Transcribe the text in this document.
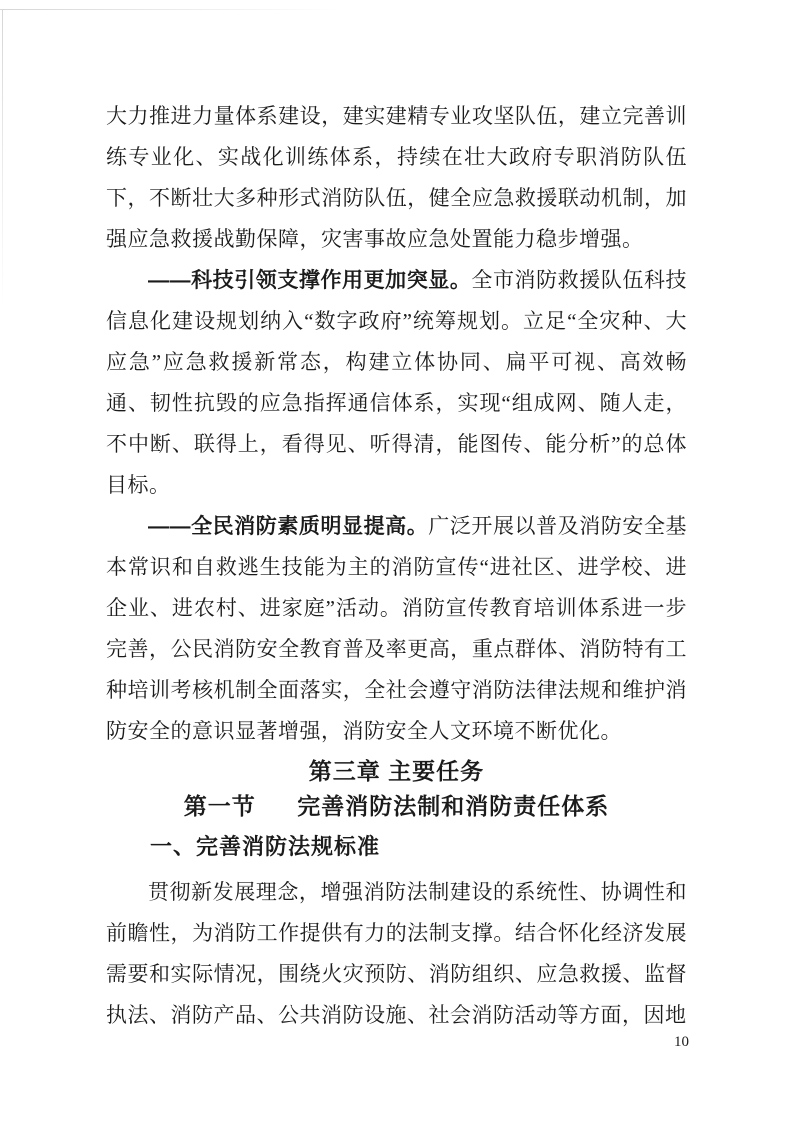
大力推进力量体系建设，建实建精专业攻坚队伍，建立完善训练专业化、实战化训练体系，持续在壮大政府专职消防队伍下，不断壮大多种形式消防队伍，健全应急救援联动机制，加强应急救援战勤保障，灾害事故应急处置能力稳步增强。

——科技引领支撑作用更加突显。全市消防救援队伍科技信息化建设规划纳入“数字政府”统筹规划。立足“全灾种、大应急”应急救援新常态，构建立体协同、扁平可视、高效畅通、韧性抗毁的应急指挥通信体系，实现“组成网、随人走，不中断、联得上，看得见、听得清，能图传、能分析”的总体目标。

——全民消防素质明显提高。广泛开展以普及消防安全基本常识和自救逃生技能为主的消防宣传“进社区、进学校、进企业、进农村、进家庭”活动。消防宣传教育培训体系进一步完善，公民消防安全教育普及率更高，重点群体、消防特有工种培训考核机制全面落实，全社会遵守消防法律法规和维护消防安全的意识显著增强，消防安全人文环境不断优化。

第三章 主要任务
第一节 完善消防法制和消防责任体系
一、完善消防法规标准

贯彻新发展理念，增强消防法制建设的系统性、协调性和前瞻性，为消防工作提供有力的法制支撑。结合怀化经济发展需要和实际情况，围绕火灾预防、消防组织、应急救援、监督执法、消防产品、公共消防设施、社会消防活动等方面，因地

10
